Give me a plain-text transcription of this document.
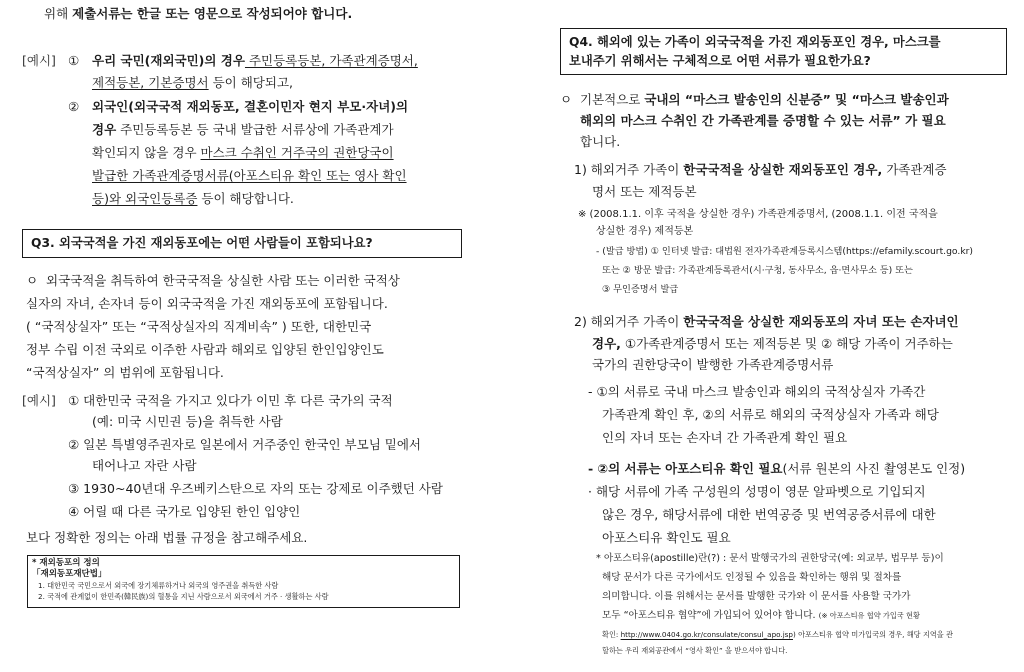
위해 제출서류는 한글 또는 영문으로 작성되어야 합니다.
[예시] ① 우리 국민(재외국민)의 경우 주민등록등본, 가족관계증명서,
제적등본, 기본증명서 등이 해당되고,
② 외국인(외국국적 재외동포, 결혼이민자 현지 부모·자녀)의
경우 주민등록등본 등 국내 발급한 서류상에 가족관계가
확인되지 않을 경우 마스크 수취인 거주국의 권한당국이
발급한 가족관계증명서류(아포스티유 확인 또는 영사 확인
등)와 외국인등록증 등이 해당합니다.
Q3. 외국국적을 가진 재외동포에는 어떤 사람들이 포함되나요?
ㅇ 외국국적을 취득하여 한국국적을 상실한 사람 또는 이러한 국적상
실자의 자녀, 손자녀 등이 외국국적을 가진 재외동포에 포함됩니다.
( “국적상실자” 또는 “국적상실자의 직계비속” ) 또한, 대한민국
정부 수립 이전 국외로 이주한 사람과 해외로 입양된 한인입양인도
“국적상실자” 의 범위에 포함됩니다.
[예시] ① 대한민국 국적을 가지고 있다가 이민 후 다른 국가의 국적
(예: 미국 시민권 등)을 취득한 사람
② 일본 특별영주권자로 일본에서 거주중인 한국인 부모님 밑에서
태어나고 자란 사람
③ 1930~40년대 우즈베키스탄으로 자의 또는 강제로 이주했던 사람
④ 어릴 때 다른 국가로 입양된 한인 입양인
보다 정확한 정의는 아래 법률 규정을 참고해주세요.
* 재외동포의 정의
「재외동포재단법」
1. 대한민국 국민으로서 외국에 장기체류하거나 외국의 영주권을 취득한 사람
2. 국적에 관계없이 한민족(韓民族)의 혈통을 지닌 사람으로서 외국에서 거주 · 생활하는 사람
Q4. 해외에 있는 가족이 외국국적을 가진 재외동포인 경우, 마스크를
보내주기 위해서는 구체적으로 어떤 서류가 필요한가요?
ㅇ 기본적으로 국내의 “마스크 발송인의 신분증” 및 “마스크 발송인과
해외의 마스크 수취인 간 가족관계를 증명할 수 있는 서류” 가 필요
합니다.
1) 해외거주 가족이 한국국적을 상실한 재외동포인 경우, 가족관계증
명서 또는 제적등본
※ (2008.1.1. 이후 국적을 상실한 경우) 가족관계증명서, (2008.1.1. 이전 국적을
상실한 경우) 제적등본
- (발급 방법) ① 인터넷 발급: 대법원 전자가족관계등록시스템(https://efamily.scourt.go.kr)
또는 ② 방문 발급: 가족관계등록관서(시·구청, 동사무소, 읍·면사무소 등) 또는
③ 무인증명서 발급
2) 해외거주 가족이 한국국적을 상실한 재외동포의 자녀 또는 손자녀인
경우, ①가족관계증명서 또는 제적등본 및 ② 해당 가족이 거주하는
국가의 권한당국이 발행한 가족관계증명서류
- ①의 서류로 국내 마스크 발송인과 해외의 국적상실자 가족간
가족관계 확인 후, ②의 서류로 해외의 국적상실자 가족과 해당
인의 자녀 또는 손자녀 간 가족관계 확인 필요
- ②의 서류는 아포스티유 확인 필요(서류 원본의 사진 촬영본도 인정)
· 해당 서류에 가족 구성원의 성명이 영문 알파벳으로 기입되지
않은 경우, 해당서류에 대한 번역공증 및 번역공증서류에 대한
아포스티유 확인도 필요
* 아포스티유(apostille)란(?) : 문서 발행국가의 권한당국(예: 외교부, 법무부 등)이
해당 문서가 다른 국가에서도 인정될 수 있음을 확인하는 행위 및 절차를
의미합니다. 이를 위해서는 문서를 발행한 국가와 이 문서를 사용할 국가가
모두 “아포스티유 협약”에 가입되어 있어야 합니다. (※ 아포스티유 협약 가입국 현황
확인: http://www.0404.go.kr/consulate/consul_apo.jsp) 아포스티유 협약 미가입국의 경우, 해당 지역을 관
할하는 우리 재외공관에서 “영사 확인” 을 받으셔야 합니다.
